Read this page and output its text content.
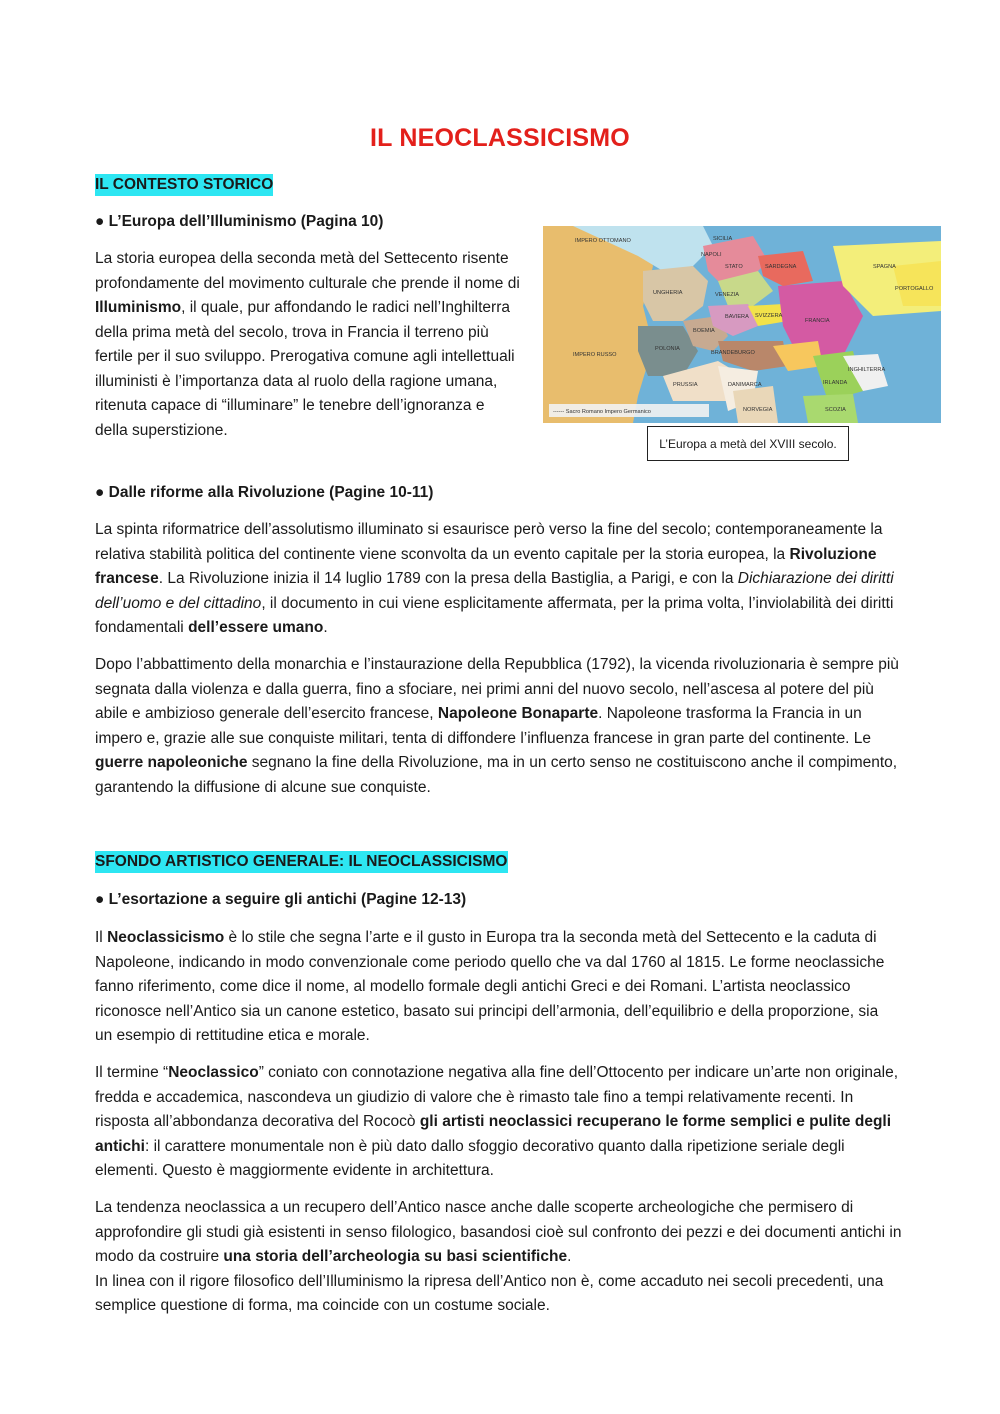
IL NEOCLASSICISMO
IL CONTESTO STORICO
● L’Europa dell’Illuminismo (Pagina 10)

La storia europea della seconda metà del Settecento risente profondamente del movimento culturale che prende il nome di Illuminismo, il quale, pur affondando le radici nell’Inghilterra della prima metà del secolo, trova in Francia il terreno più fertile per il suo sviluppo. Prerogativa comune agli intellettuali illuministi è l’importanza data al ruolo della ragione umana, ritenuta capace di “illuminare” le tenebre dell’ignoranza e della superstizione.

------ Sacro Romano Impero Germanico
IMPERO OTTOMANO	SICILIA
NAPOLI
STATO	SARDEGNA	SPAGNA
PORTOGALLO
UNGHERIA	VENEZIA
BAVIERA SVIZZERA
FRANCIA
BOEMIA
POLONIA
BRANDEBURGO
IMPERO RUSSO
PRUSSIA	DANIMARCA
INGHILTERRA
IRLANDA
NORVEGIA	SCOZIA
L’Europa a metà del XVIII secolo.
● Dalle riforme alla Rivoluzione (Pagine 10-11)

La spinta riformatrice dell’assolutismo illuminato si esaurisce però verso la fine del secolo; contemporaneamente la relativa stabilità politica del continente viene sconvolta da un evento capitale per la storia europea, la Rivoluzione francese. La Rivoluzione inizia il 14 luglio 1789 con la presa della Bastiglia, a Parigi, e con la Dichiarazione dei diritti dell’uomo e del cittadino, il documento in cui viene esplicitamente affermata, per la prima volta, l’inviolabilità dei diritti fondamentali dell’essere umano.

Dopo l’abbattimento della monarchia e l’instaurazione della Repubblica (1792), la vicenda rivoluzionaria è sempre più segnata dalla violenza e dalla guerra, fino a sfociare, nei primi anni del nuovo secolo, nell’ascesa al potere del più abile e ambizioso generale dell’esercito francese, Napoleone Bonaparte. Napoleone trasforma la Francia in un impero e, grazie alle sue conquiste militari, tenta di diffondere l’influenza francese in gran parte del continente. Le guerre napoleoniche segnano la fine della Rivoluzione, ma in un certo senso ne costituiscono anche il compimento, garantendo la diffusione di alcune sue conquiste.

SFONDO ARTISTICO GENERALE: IL NEOCLASSICISMO
● L’esortazione a seguire gli antichi (Pagine 12-13)

Il Neoclassicismo è lo stile che segna l’arte e il gusto in Europa tra la seconda metà del Settecento e la caduta di Napoleone, indicando in modo convenzionale come periodo quello che va dal 1760 al 1815. Le forme neoclassiche fanno riferimento, come dice il nome, al modello formale degli antichi Greci e dei Romani. L’artista neoclassico riconosce nell’Antico sia un canone estetico, basato sui principi dell’armonia, dell’equilibrio e della proporzione, sia un esempio di rettitudine etica e morale.

Il termine “Neoclassico” coniato con connotazione negativa alla fine dell’Ottocento per indicare un’arte non originale, fredda e accademica, nascondeva un giudizio di valore che è rimasto tale fino a tempi relativamente recenti. In risposta all’abbondanza decorativa del Rococò gli artisti neoclassici recuperano le forme semplici e pulite degli antichi: il carattere monumentale non è più dato dallo sfoggio decorativo quanto dalla ripetizione seriale degli elementi. Questo è maggiormente evidente in architettura.

La tendenza neoclassica a un recupero dell’Antico nasce anche dalle scoperte archeologiche che permisero di approfondire gli studi già esistenti in senso filologico, basandosi cioè sul confronto dei pezzi e dei documenti antichi in modo da costruire una storia dell’archeologia su basi scientifiche.
In linea con il rigore filosofico dell’Illuminismo la ripresa dell’Antico non è, come accaduto nei secoli precedenti, una semplice questione di forma, ma coincide con un costume sociale.
